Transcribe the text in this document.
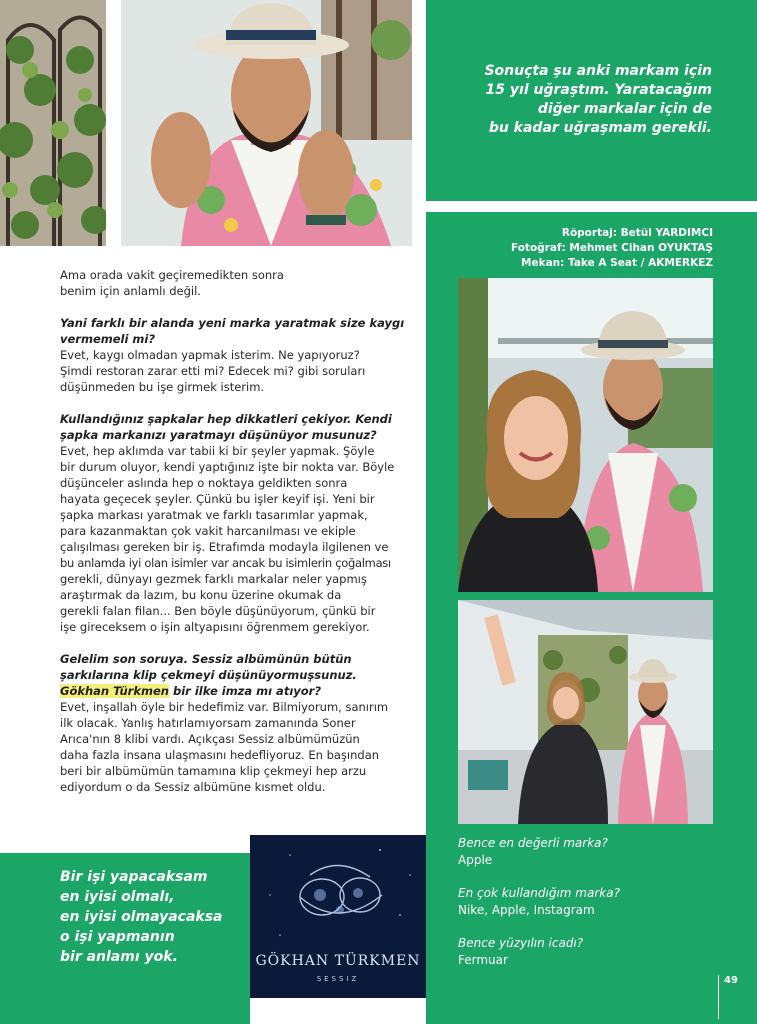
Sonuçta şu anki markam için
15 yıl uğraştım. Yaratacağım
diğer markalar için de
bu kadar uğraşmam gerekli.
Röportaj: Betül YARDIMCI
Fotoğraf: Mehmet Cihan OYUKTAŞ
Mekan: Take A Seat / AKMERKEZ

Ama orada vakit geçiremedikten sonra
benim için anlamlı değil.

Yani farklı bir alanda yeni marka yaratmak size kaygı
vermemeli mi?
Evet, kaygı olmadan yapmak isterim. Ne yapıyoruz?
Şimdi restoran zarar etti mi? Edecek mi? gibi soruları
düşünmeden bu işe girmek isterim.

Kullandığınız şapkalar hep dikkatleri çekiyor. Kendi
şapka markanızı yaratmayı düşünüyor musunuz?
Evet, hep aklımda var tabii ki bir şeyler yapmak. Şöyle
bir durum oluyor, kendi yaptığınız işte bir nokta var. Böyle
düşünceler aslında hep o noktaya geldikten sonra
hayata geçecek şeyler. Çünkü bu işler keyif işi. Yeni bir
şapka markası yaratmak ve farklı tasarımlar yapmak,
para kazanmaktan çok vakit harcanılması ve ekiple
çalışılması gereken bir iş. Etrafımda modayla ilgilenen ve
bu anlamda iyi olan isimler var ancak bu isimlerin çoğalması
gerekli, dünyayı gezmek farklı markalar neler yapmış
araştırmak da lazım, bu konu üzerine okumak da
gerekli falan filan... Ben böyle düşünüyorum, çünkü bir
işe gireceksem o işin altyapısını öğrenmem gerekiyor.

Gelelim son soruya. Sessiz albümünün bütün
şarkılarına klip çekmeyi düşünüyormuşsunuz.
Gökhan Türkmen bir ilke imza mı atıyor?
Evet, inşallah öyle bir hedefimiz var. Bilmiyorum, sanırım
ilk olacak. Yanlış hatırlamıyorsam zamanında Soner
Arıca'nın 8 klibi vardı. Açıkçası Sessiz albümümüzün
daha fazla insana ulaşmasını hedefliyoruz. En başından
beri bir albümümün tamamına klip çekmeyi hep arzu
ediyordum o da Sessiz albümüne kısmet oldu.

Bir işi yapacaksam
en iyisi olmalı,
en iyisi olmayacaksa
o işi yapmanın
bir anlamı yok.	GÖKHAN TÜRKMEN
SESSIZ
Bence en değerli marka?
Apple
En çok kullandığım marka?
Nike, Apple, Instagram
Bence yüzyılın icadı?
Fermuar
49
